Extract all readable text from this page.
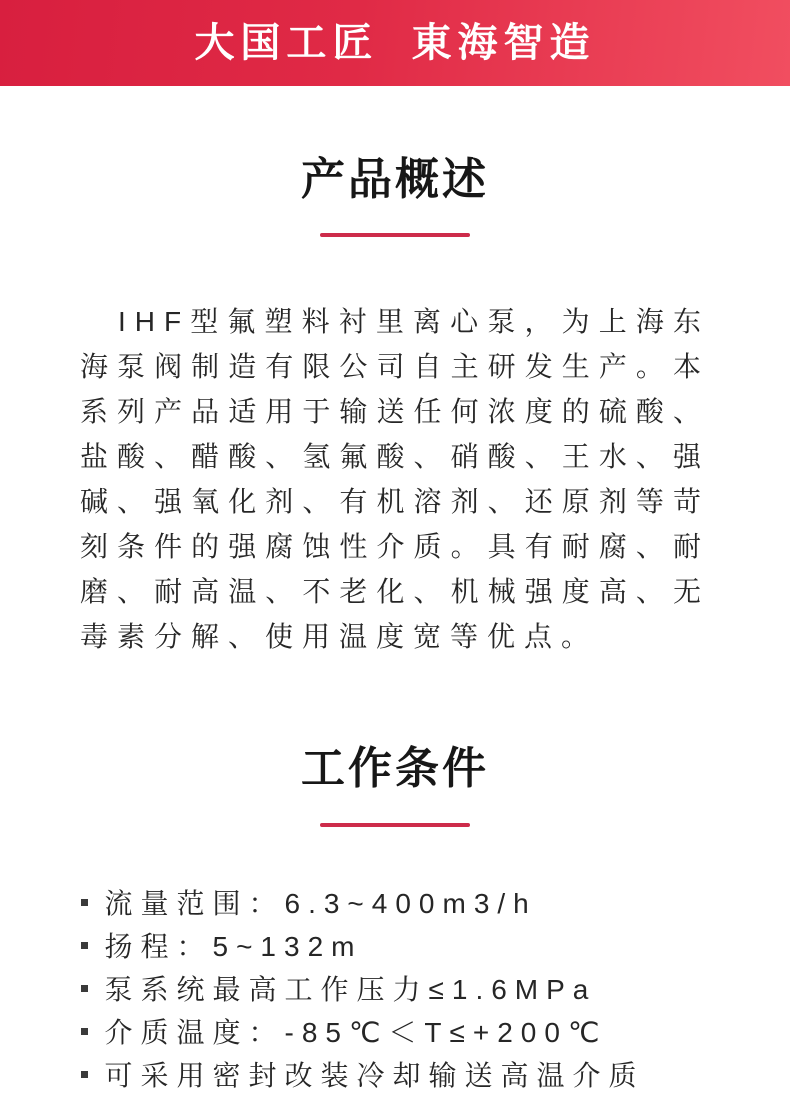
大国工匠 東海智造
产品概述

IHF型氟塑料衬里离心泵，为上海东海泵阀制造有限公司自主研发生产。本系列产品适用于输送任何浓度的硫酸、盐酸、醋酸、氢氟酸、硝酸、王水、强碱、强氧化剂、有机溶剂、还原剂等苛刻条件的强腐蚀性介质。具有耐腐、耐磨、耐高温、不老化、机械强度高、无毒素分解、使用温度宽等优点。

工作条件
流量范围：6.3~400m3/h
扬程：5~132m
泵系统最高工作压力≤1.6MPa
介质温度：-85℃＜T≤+200℃
可采用密封改装冷却输送高温介质
